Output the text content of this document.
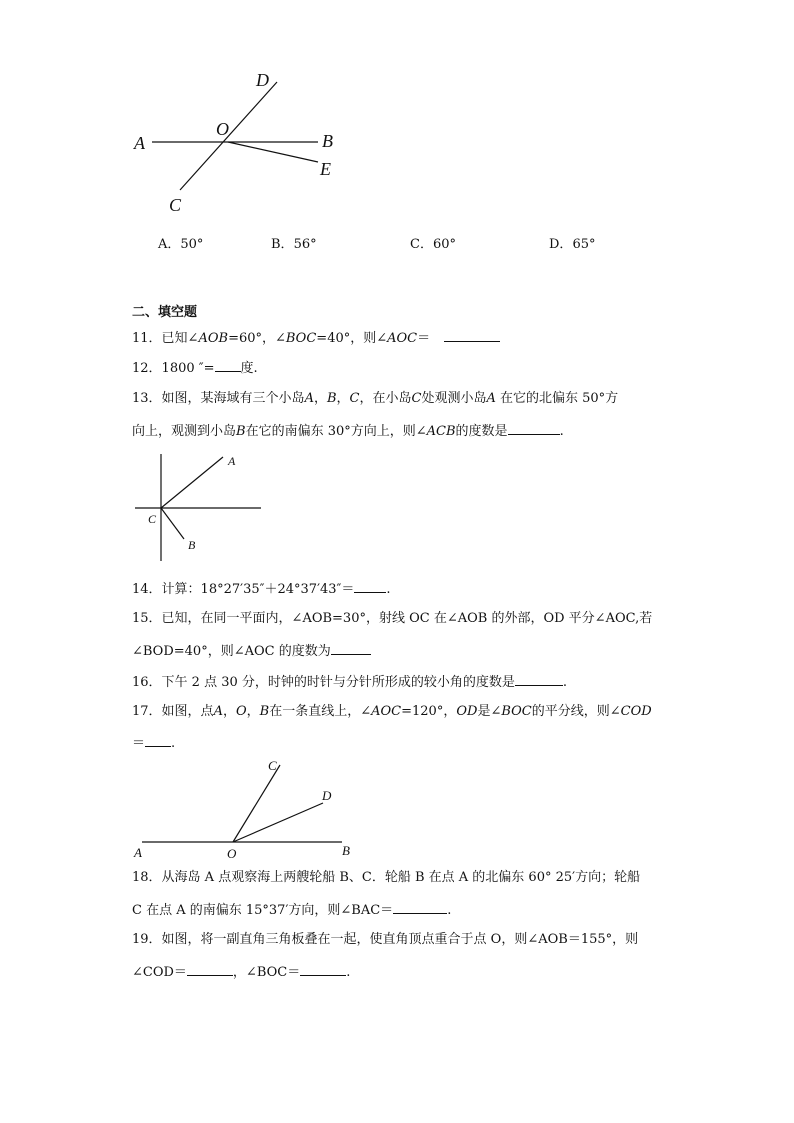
D
O
A	B
E
C
A．50°	B．56°	C．60°	D．65°
二、填空题
11．已知∠AOB=60°，∠BOC=40°，则∠AOC＝
12．1800 ″= 度.
13．如图，某海域有三个小岛A，B，C，在小岛C处观测小岛A 在它的北偏东 50°方
向上，观测到小岛B在它的南偏东 30°方向上，则∠ACB的度数是	.
A
C
B
14．计算：18°27′35″＋24°37′43″＝ .
15．已知，在同一平面内，∠AOB=30°，射线 OC 在∠AOB 的外部，OD 平分∠AOC,若
∠BOD=40°，则∠AOC 的度数为
16．下午 2 点 30 分，时钟的时针与分针所形成的较小角的度数是	.
17．如图，点A，O，B在一条直线上，∠AOC=120°，OD是∠BOC的平分线，则∠COD
＝ .
C
D
A	O	B
18．从海岛 A 点观察海上两艘轮船 B、C．轮船 B 在点 A 的北偏东 60° 25′方向；轮船
C 在点 A 的南偏东 15°37′方向，则∠BAC＝	.
19．如图，将一副直角三角板叠在一起，使直角顶点重合于点 O，则∠AOB＝155°，则
∠COD＝	，∠BOC＝	.
